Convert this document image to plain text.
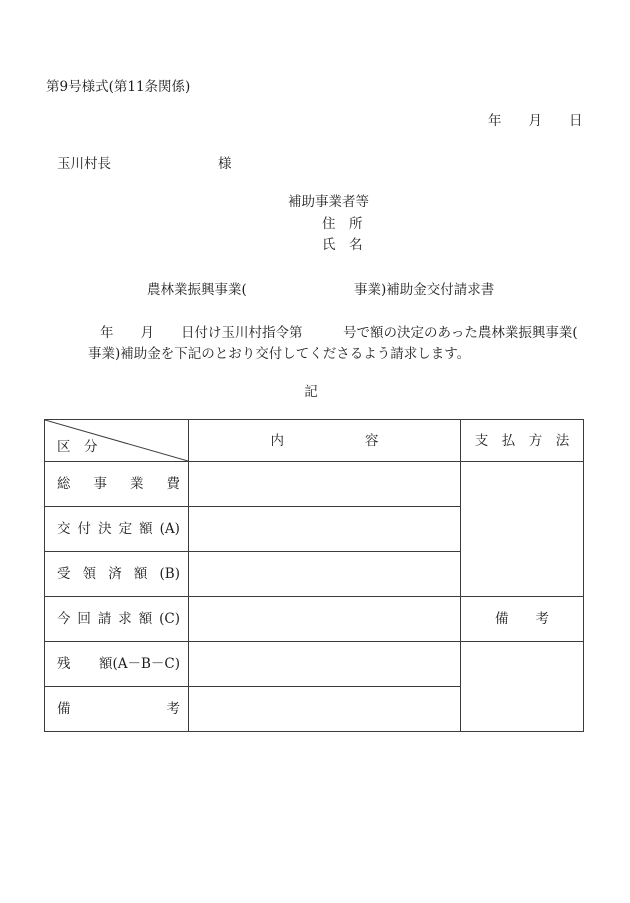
第9号様式(第11条関係)
年　　月　　日
玉川村長	様
補助事業者等
住　所
氏　名
農林業振興事業(	事業)補助金交付請求書
年　　月　　日付け玉川村指令第　　　号で額の決定のあった農林業振興事業(
事業)補助金を下記のとおり交付してくださるよう請求します。
記
区　分	内　　　　　　容	支　払　方　法

総 事 業 費		

交 付 決 定 額 (A)

受 領 済 額 (B)		

今 回 請 求 額 (C)		備　　考

残 額(A－B－C)		

備 考		
